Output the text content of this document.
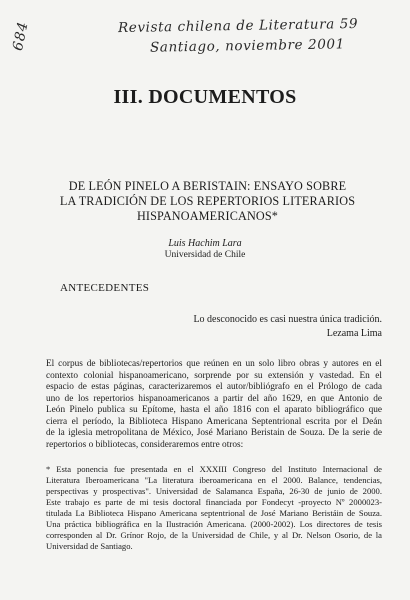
Revista chilena de Literatura 59
Santiago, noviembre 2001
684
III. DOCUMENTOS
DE LEÓN PINELO A BERISTAIN: ENSAYO SOBRE
LA TRADICIÓN DE LOS REPERTORIOS LITERARIOS
HISPANOAMERICANOS*
Luis Hachim Lara
Universidad de Chile
ANTECEDENTES
Lo desconocido es casi nuestra única tradición.
Lezama Lima
El corpus de bibliotecas/repertorios que reúnen en un solo libro obras y autores en el
contexto colonial hispanoamericano, sorprende por su extensión y vastedad. En el
espacio de estas páginas, caracterizaremos el autor/bibliógrafo en el Prólogo de cada
uno de los repertorios hispanoamericanos a partir del año 1629, en que Antonio de
León Pinelo publica su Epítome, hasta el año 1816 con el aparato bibliográfico que
cierra el período, la Biblioteca Hispano Americana Septentrional escrita por el Deán
de la iglesia metropolitana de México, José Mariano Beristain de Souza. De la serie de
repertorios o bibliotecas, consideraremos entre otros:
* Esta ponencia fue presentada en el XXXIII Congreso del Instituto Internacional de
Literatura Iberoamericana "La literatura iberoamericana en el 2000. Balance, tendencias,
perspectivas y prospectivas". Universidad de Salamanca España, 26-30 de junio de 2000.
Este trabajo es parte de mi tesis doctoral financiada por Fondecyt -proyecto Nº 2000023-
titulada La Biblioteca Hispano Americana septentrional de José Mariano Beristáin de Souza.
Una práctica bibliográfica en la Ilustración Americana. (2000-2002). Los directores de tesis
corresponden al Dr. Grínor Rojo, de la Universidad de Chile, y al Dr. Nelson Osorio, de la
Universidad de Santiago.
